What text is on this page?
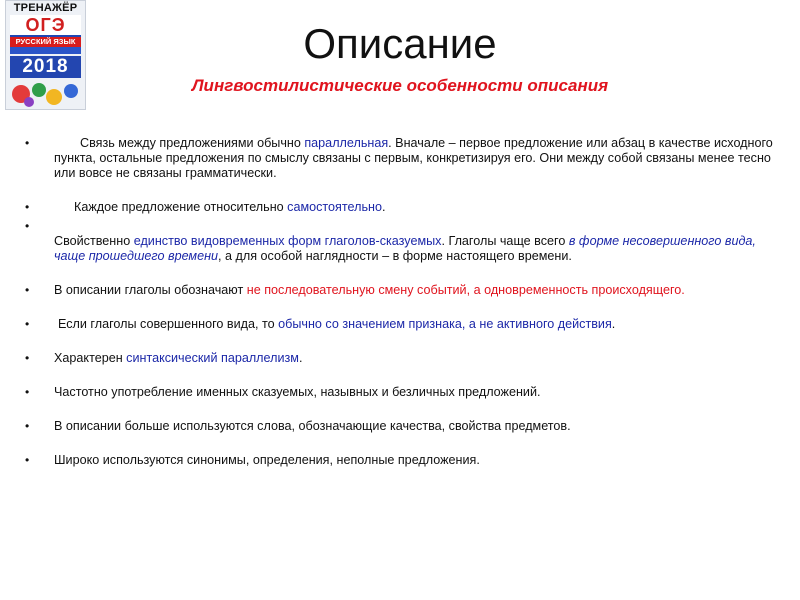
ТРЕНАЖЁР
ОГЭ
РУССКИЙ ЯЗЫК
2018	Описание
Лингвостилистические особенности описания
•	Связь между предложениями обычно параллельная. Вначале – первое предложение или абзац в качестве исходного пункта, остальные предложения по смыслу связаны с первым, конкретизируя его. Они между собой связаны менее тесно или вовсе не связаны грамматически.
•	Каждое предложение относительно самостоятельно.
•
Свойственно единство видовременных форм глаголов-сказуемых. Глаголы чаще всего в форме несовершенного вида, чаще прошедшего времени, а для особой наглядности – в форме настоящего времени.
• В описании глаголы обозначают не последовательную смену событий, а одновременность происходящего.
• Если глаголы совершенного вида, то обычно со значением признака, а не активного действия.
• Характерен синтаксический параллелизм.
• Частотно употребление именных сказуемых, назывных и безличных предложений.
• В описании больше используются слова, обозначающие качества, свойства предметов.
• Широко используются синонимы, определения, неполные предложения.
